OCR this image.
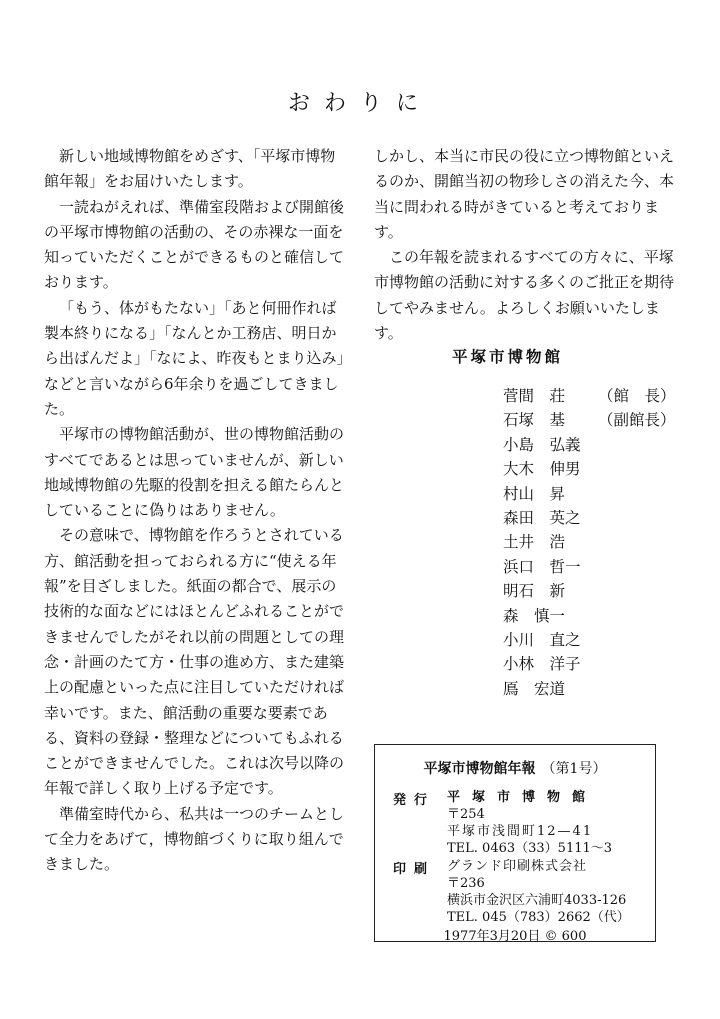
おわりに

新しい地域博物館をめざす、「平塚市博物館年報」をお届けいたします。

一読ねがえれば、準備室段階および開館後の平塚市博物館の活動の、その赤裸な一面を知っていただくことができるものと確信しております。

「もう、体がもたない」「あと何冊作れば製本終りになる」「なんとか工務店、明日から出ばんだよ」「なによ、昨夜もとまり込み」などと言いながら6年余りを過ごしてきました。

平塚市の博物館活動が、世の博物館活動のすべてであるとは思っていませんが、新しい地域博物館の先駆的役割を担える館たらんとしていることに偽りはありません。

その意味で、博物館を作ろうとされている方、館活動を担っておられる方に“使える年報”を目ざしました。紙面の都合で、展示の技術的な面などにはほとんどふれることができませんでしたがそれ以前の問題としての理念・計画のたて方・仕事の進め方、また建築上の配慮といった点に注目していただければ幸いです。また、館活動の重要な要素である、資料の登録・整理などについてもふれることができませんでした。これは次号以降の年報で詳しく取り上げる予定です。

準備室時代から、私共は一つのチームとして全力をあげて，博物館づくりに取り組んできました。

しかし、本当に市民の役に立つ博物館といえるのか、開館当初の物珍しさの消えた今、本当に問われる時がきていると考えております。

この年報を読まれるすべての方々に、平塚市博物館の活動に対する多くのご批正を期待してやみません。よろしくお願いいたします。

平塚市博物館
菅間　荘	（館　長）
石塚　基	（副館長）
小島　弘義
大木　伸男
村山　昇
森田　英之
土井　浩
浜口　哲一
明石　新
森　慎一
小川　直之
小林　洋子
鳫　宏道
平塚市博物館年報 （第1号）
発行 平塚市博物館
〒254
平塚市浅間町12—41
TEL. 0463（33）5111〜3
印刷 グランド印刷株式会社
〒236
横浜市金沢区六浦町4033-126
TEL. 045（783）2662（代）
1977年3月20日 © 600
